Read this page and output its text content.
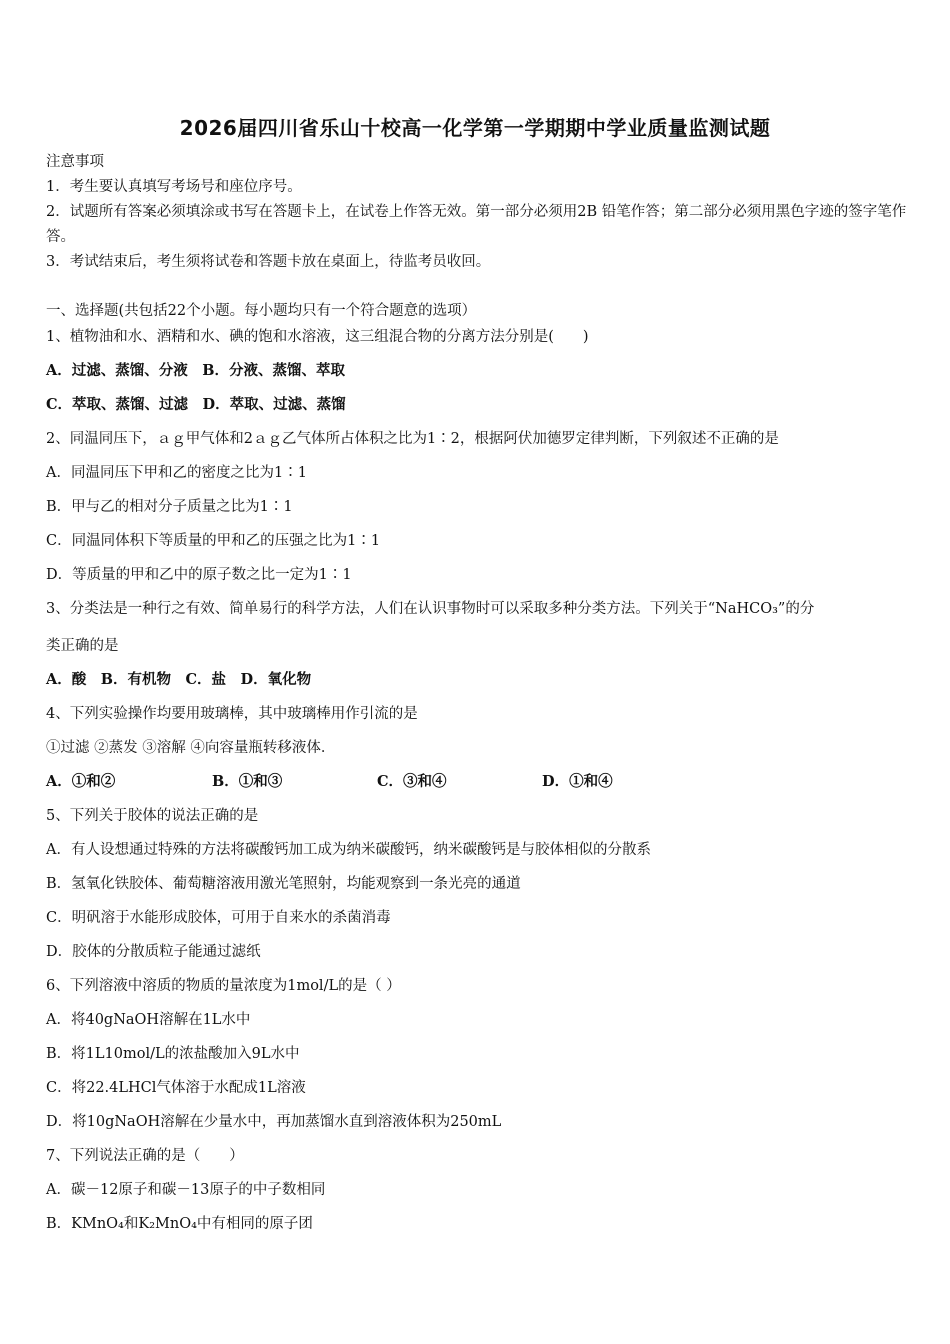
2026届四川省乐山十校高一化学第一学期期中学业质量监测试题

注意事项

1．考生要认真填写考场号和座位序号。

2．试题所有答案必须填涂或书写在答题卡上，在试卷上作答无效。第一部分必须用2B 铅笔作答；第二部分必须用黑色字迹的签字笔作答。

3．考试结束后，考生须将试卷和答题卡放在桌面上，待监考员收回。

一、选择题(共包括22个小题。每小题均只有一个符合题意的选项）
1、植物油和水、酒精和水、碘的饱和水溶液，这三组混合物的分离方法分别是(　　)
A．过滤、蒸馏、分液　B．分液、蒸馏、萃取
C．萃取、蒸馏、过滤　D．萃取、过滤、蒸馏
2、同温同压下，ａｇ甲气体和2ａｇ乙气体所占体积之比为1∶2，根据阿伏加德罗定律判断，下列叙述不正确的是
A．同温同压下甲和乙的密度之比为1∶1
B．甲与乙的相对分子质量之比为1∶1
C．同温同体积下等质量的甲和乙的压强之比为1∶1
D．等质量的甲和乙中的原子数之比一定为1∶1
3、分类法是一种行之有效、简单易行的科学方法，人们在认识事物时可以采取多种分类方法。下列关于“NaHCO₃”的分
类正确的是
A．酸　B．有机物　C．盐　D．氧化物
4、下列实验操作均要用玻璃棒，其中玻璃棒用作引流的是
①过滤 ②蒸发 ③溶解 ④向容量瓶转移液体．
A．①和②	B．①和③	C．③和④	D．①和④
5、下列关于胶体的说法正确的是
A．有人设想通过特殊的方法将碳酸钙加工成为纳米碳酸钙，纳米碳酸钙是与胶体相似的分散系
B．氢氧化铁胶体、葡萄糖溶液用激光笔照射，均能观察到一条光亮的通道
C．明矾溶于水能形成胶体，可用于自来水的杀菌消毒
D．胶体的分散质粒子能通过滤纸
6、下列溶液中溶质的物质的量浓度为1mol/L的是（ ）
A．将40gNaOH溶解在1L水中
B．将1L10mol/L的浓盐酸加入9L水中
C．将22.4LHCl气体溶于水配成1L溶液
D．将10gNaOH溶解在少量水中，再加蒸馏水直到溶液体积为250mL
7、下列说法正确的是（　　）
A．碳－12原子和碳－13原子的中子数相同
B．KMnO₄和K₂MnO₄中有相同的原子团
